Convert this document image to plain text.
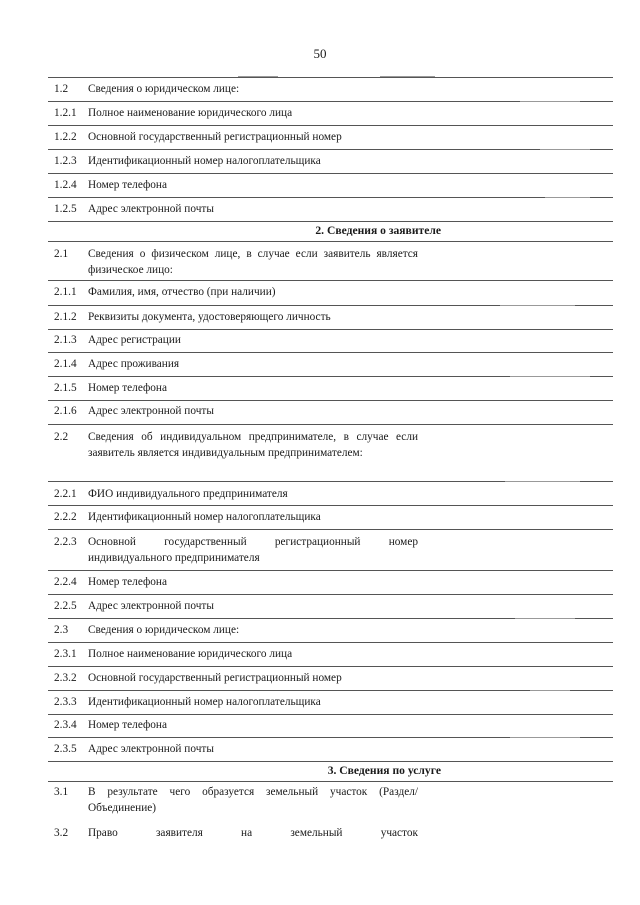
50
1.2 Сведения о юридическом лице:
1.2.1 Полное наименование юридического лица
1.2.2 Основной государственный регистрационный номер
1.2.3 Идентификационный номер налогоплательщика
1.2.4 Номер телефона
1.2.5 Адрес электронной почты
2. Сведения о заявителе
2.1 Сведения о физическом лице, в случае если заявитель является физическое лицо:
2.1.1 Фамилия, имя, отчество (при наличии)
2.1.2 Реквизиты документа, удостоверяющего личность
2.1.3 Адрес регистрации
2.1.4 Адрес проживания
2.1.5 Номер телефона
2.1.6 Адрес электронной почты
2.2 Сведения об индивидуальном предпринимателе, в случае если заявитель является индивидуальным предпринимателем:
2.2.1 ФИО индивидуального предпринимателя
2.2.2 Идентификационный номер налогоплательщика
2.2.3 Основной государственный регистрационный номер индивидуального предпринимателя
2.2.4 Номер телефона
2.2.5 Адрес электронной почты
2.3 Сведения о юридическом лице:
2.3.1 Полное наименование юридического лица
2.3.2 Основной государственный регистрационный номер
2.3.3 Идентификационный номер налогоплательщика
2.3.4 Номер телефона
2.3.5 Адрес электронной почты
3. Сведения по услуге
3.1 В результате чего образуется земельный участок (Раздел/Объединение)
3.2 Право заявителя на земельный участок
